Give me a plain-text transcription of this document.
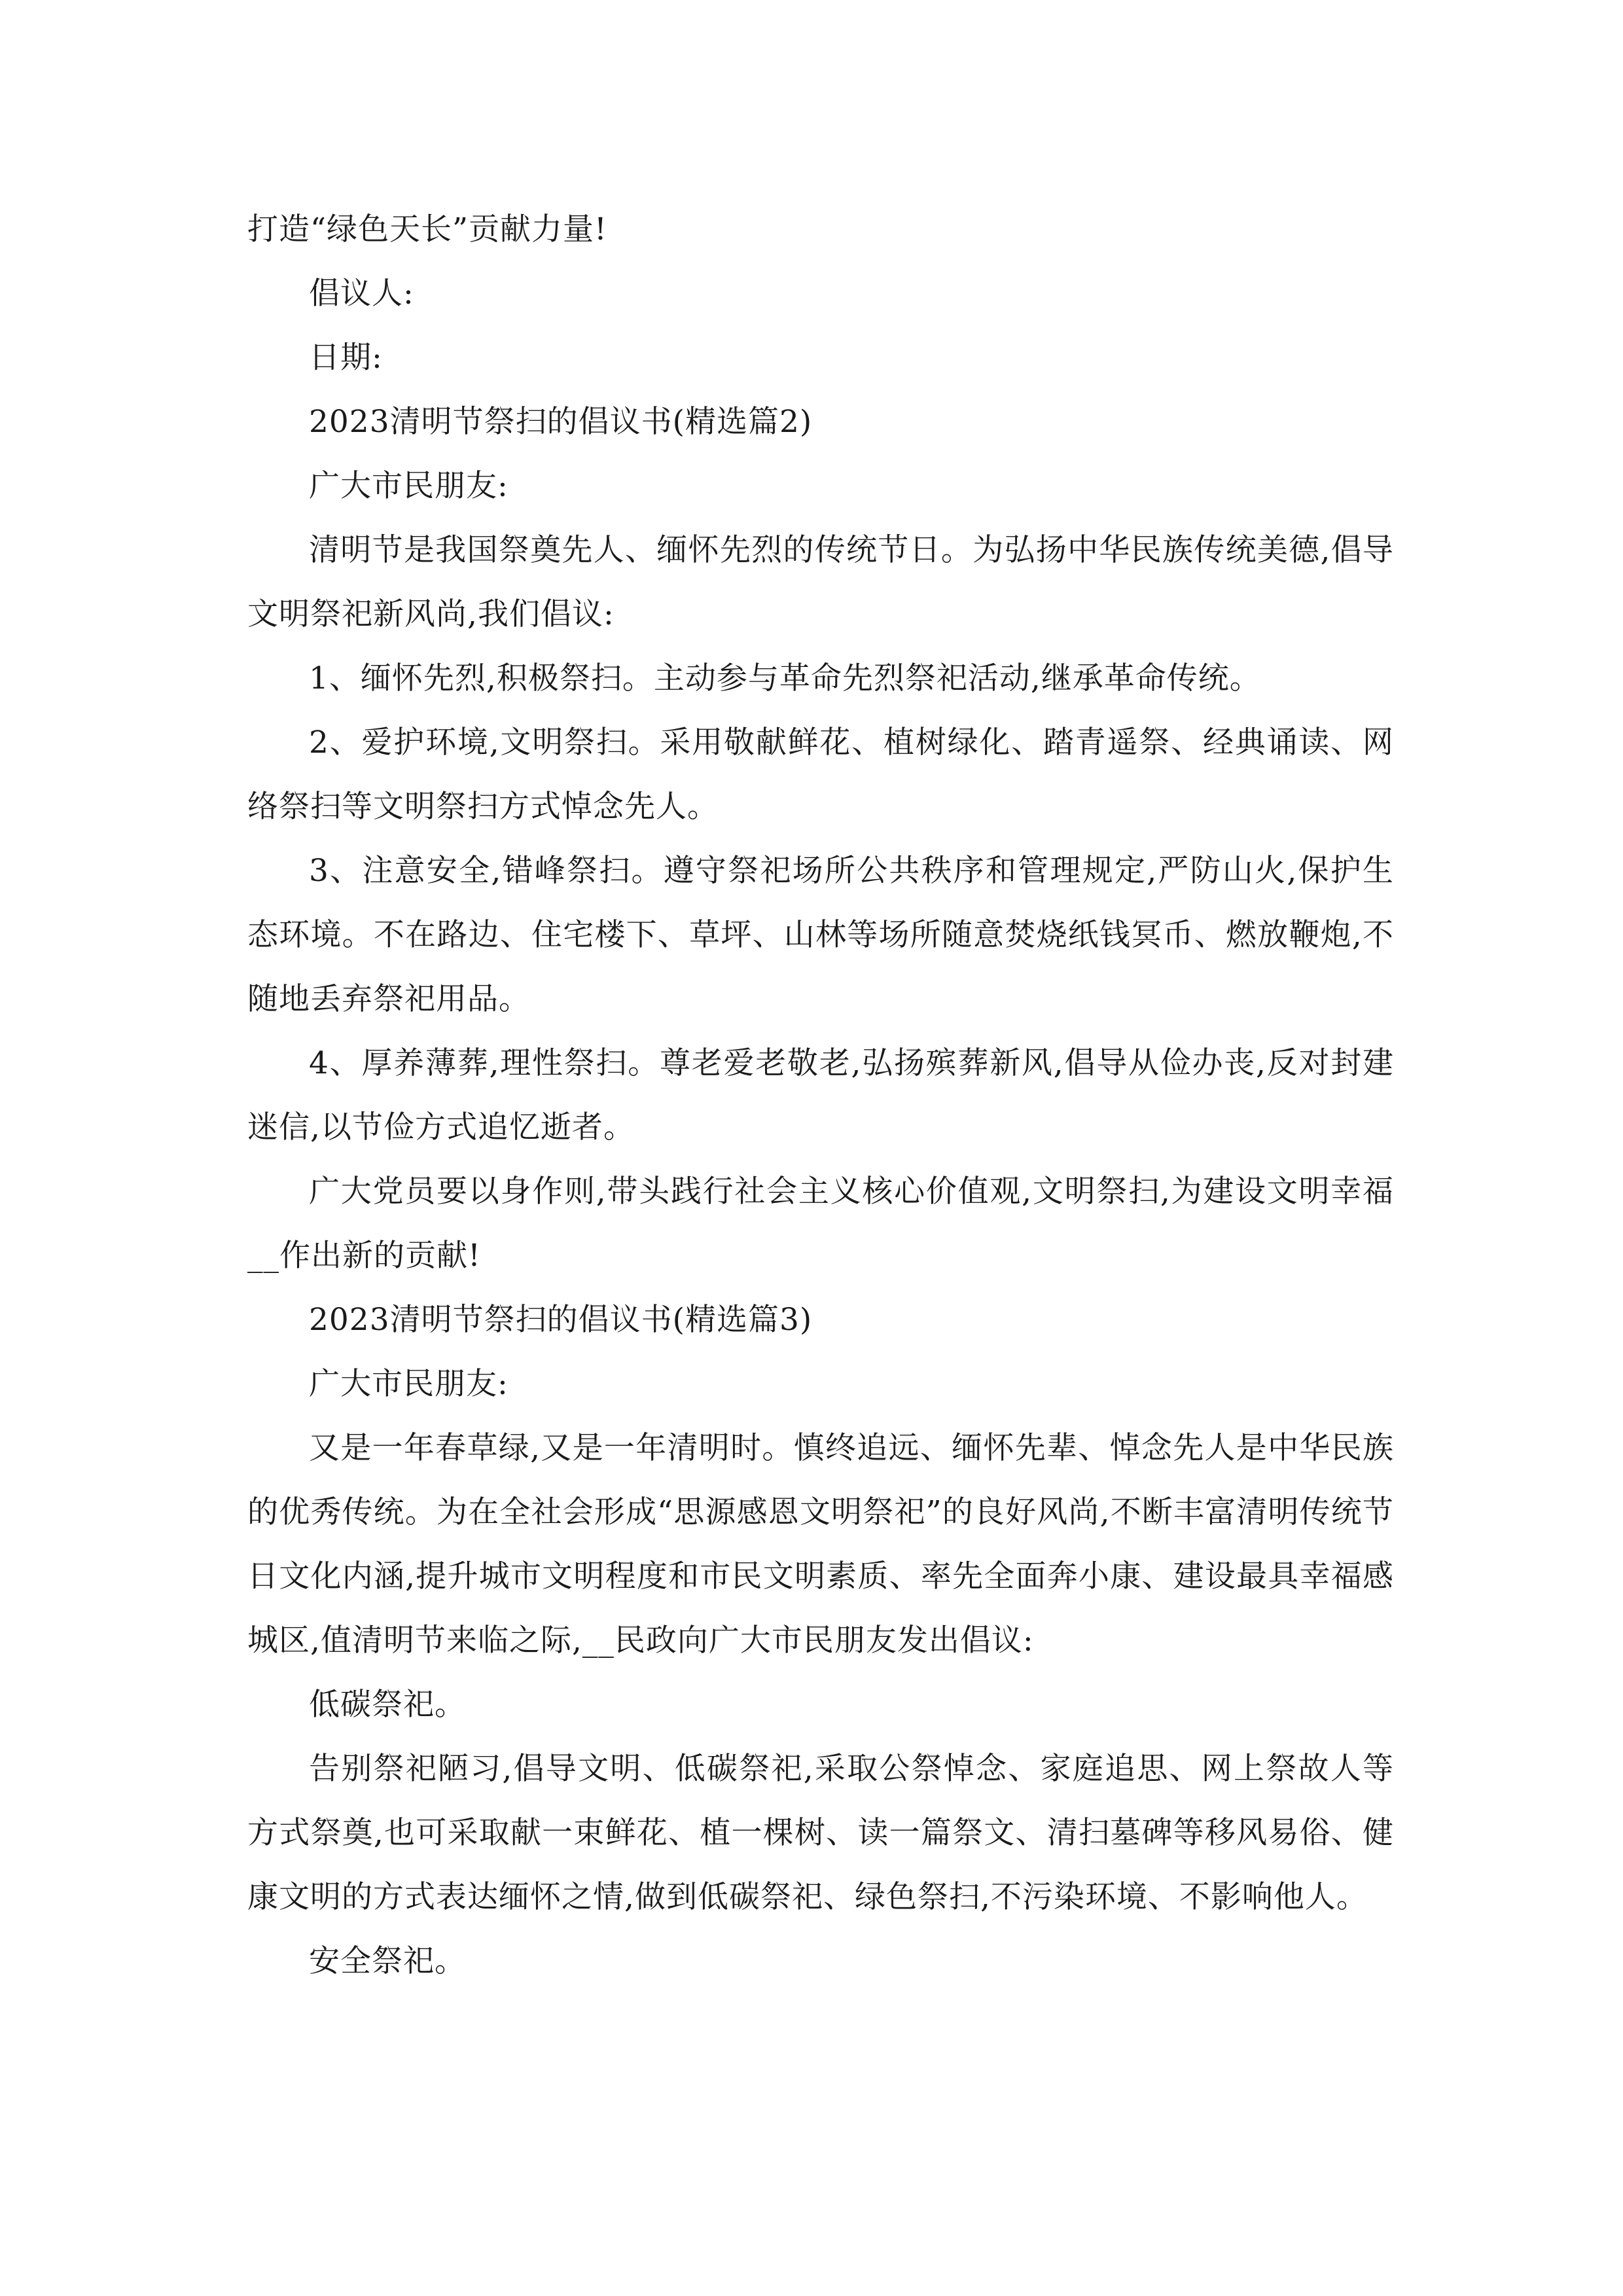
打造“绿色天长”贡献力量!

倡议人:

日期:

2023清明节祭扫的倡议书(精选篇2)

广大市民朋友:

清明节是我国祭奠先人、缅怀先烈的传统节日。为弘扬中华民族传统美德,倡导文明祭祀新风尚,我们倡议:

1、缅怀先烈,积极祭扫。主动参与革命先烈祭祀活动,继承革命传统。

2、爱护环境,文明祭扫。采用敬献鲜花、植树绿化、踏青遥祭、经典诵读、网络祭扫等文明祭扫方式悼念先人。

3、注意安全,错峰祭扫。遵守祭祀场所公共秩序和管理规定,严防山火,保护生态环境。不在路边、住宅楼下、草坪、山林等场所随意焚烧纸钱冥币、燃放鞭炮,不随地丢弃祭祀用品。

4、厚养薄葬,理性祭扫。尊老爱老敬老,弘扬殡葬新风,倡导从俭办丧,反对封建迷信,以节俭方式追忆逝者。

广大党员要以身作则,带头践行社会主义核心价值观,文明祭扫,为建设文明幸福__作出新的贡献!

2023清明节祭扫的倡议书(精选篇3)

广大市民朋友:

又是一年春草绿,又是一年清明时。慎终追远、缅怀先辈、悼念先人是中华民族的优秀传统。为在全社会形成“思源感恩文明祭祀”的良好风尚,不断丰富清明传统节日文化内涵,提升城市文明程度和市民文明素质、率先全面奔小康、建设最具幸福感城区,值清明节来临之际,__民政向广大市民朋友发出倡议:

低碳祭祀。

告别祭祀陋习,倡导文明、低碳祭祀,采取公祭悼念、家庭追思、网上祭故人等方式祭奠,也可采取献一束鲜花、植一棵树、读一篇祭文、清扫墓碑等移风易俗、健康文明的方式表达缅怀之情,做到低碳祭祀、绿色祭扫,不污染环境、不影响他人。

安全祭祀。
